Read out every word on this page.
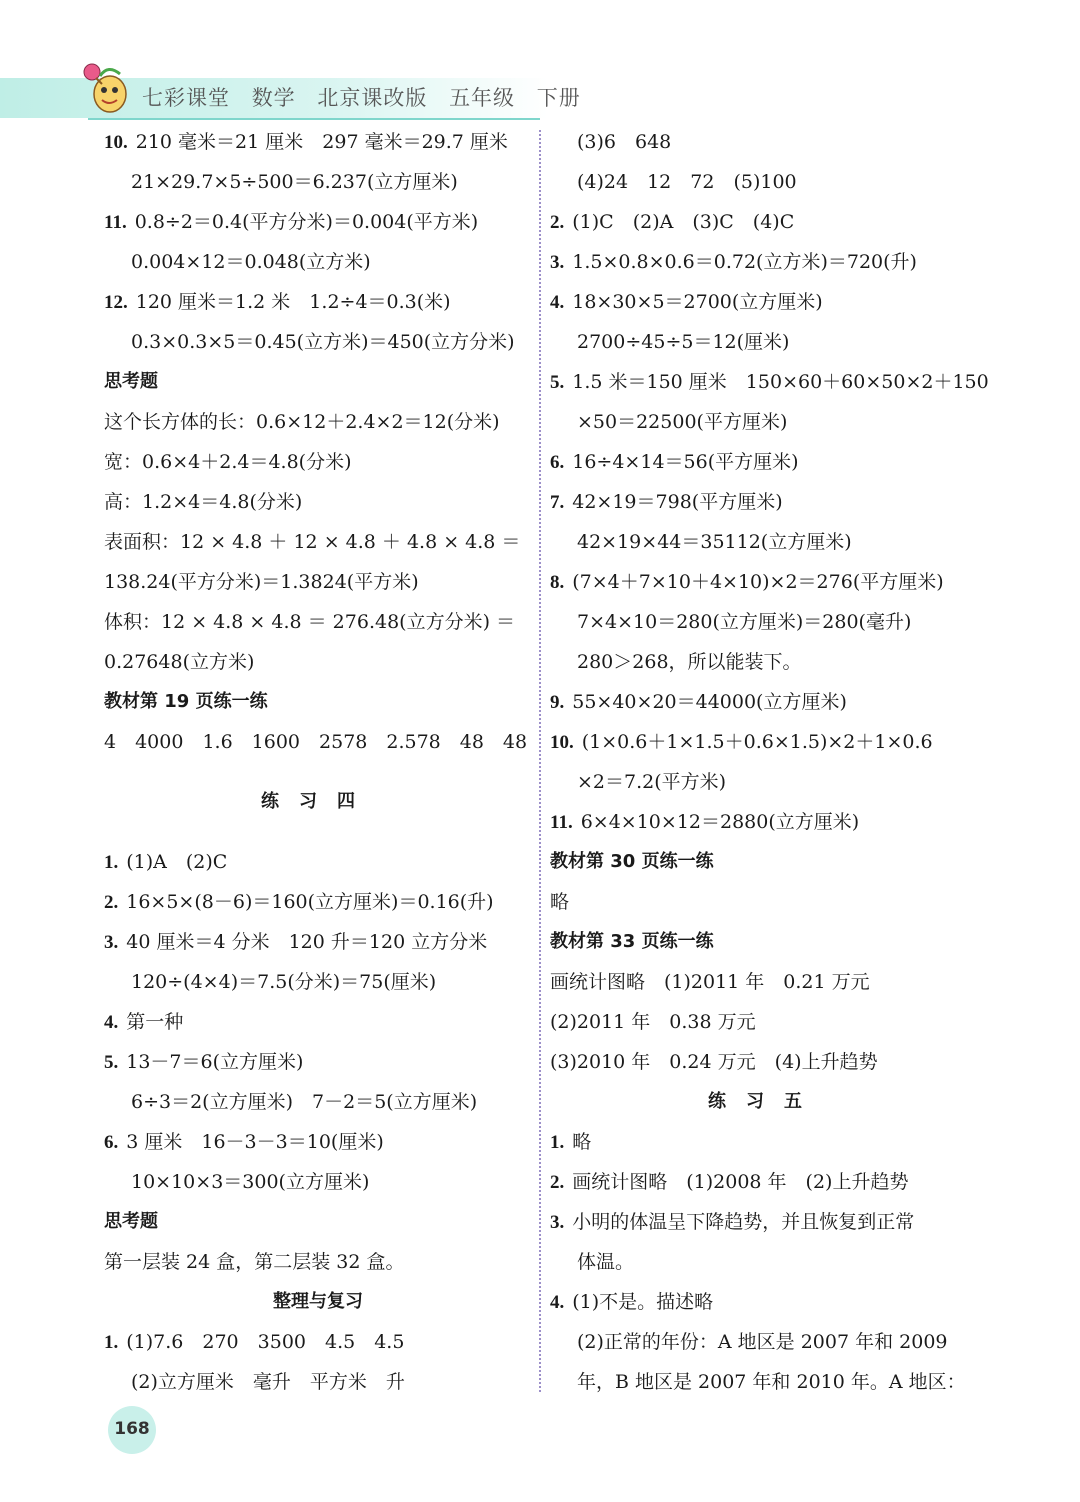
七彩课堂 数学 北京课改版 五年级 下册
10. 210 毫米＝21 厘米　297 毫米＝29.7 厘米
21×29.7×5÷500＝6.237(立方厘米)
11. 0.8÷2＝0.4(平方分米)＝0.004(平方米)
0.004×12＝0.048(立方米)
12. 120 厘米＝1.2 米　1.2÷4＝0.3(米)
0.3×0.3×5＝0.45(立方米)＝450(立方分米)
思考题
这个长方体的长：0.6×12＋2.4×2＝12(分米)
宽：0.6×4＋2.4＝4.8(分米)
高：1.2×4＝4.8(分米)
表面积：12 × 4.8 ＋ 12 × 4.8 ＋ 4.8 × 4.8 ＝
138.24(平方分米)＝1.3824(平方米)
体积：12 × 4.8 × 4.8 ＝ 276.48(立方分米) ＝
0.27648(立方米)
教材第 19 页练一练
4　4000　1.6　1600　2578　2.578　48　48
练习四
1. (1)A　(2)C
2. 16×5×(8－6)＝160(立方厘米)＝0.16(升)
3. 40 厘米＝4 分米　120 升＝120 立方分米
120÷(4×4)＝7.5(分米)＝75(厘米)
4. 第一种
5. 13－7＝6(立方厘米)
6÷3＝2(立方厘米)　7－2＝5(立方厘米)
6. 3 厘米　16－3－3＝10(厘米)
10×10×3＝300(立方厘米)
思考题
第一层装 24 盒，第二层装 32 盒。
整理与复习
1. (1)7.6　270　3500　4.5　4.5
(2)立方厘米　毫升　平方米　升
(3)6　648
(4)24　12　72　(5)100
2. (1)C　(2)A　(3)C　(4)C
3. 1.5×0.8×0.6＝0.72(立方米)＝720(升)
4. 18×30×5＝2700(立方厘米)
2700÷45÷5＝12(厘米)
5. 1.5 米＝150 厘米　150×60＋60×50×2＋150
×50＝22500(平方厘米)
6. 16÷4×14＝56(平方厘米)
7. 42×19＝798(平方厘米)
42×19×44＝35112(立方厘米)
8. (7×4＋7×10＋4×10)×2＝276(平方厘米)
7×4×10＝280(立方厘米)＝280(毫升)
280＞268，所以能装下。
9. 55×40×20＝44000(立方厘米)
10. (1×0.6＋1×1.5＋0.6×1.5)×2＋1×0.6
×2＝7.2(平方米)
11. 6×4×10×12＝2880(立方厘米)
教材第 30 页练一练
略
教材第 33 页练一练
画统计图略　(1)2011 年　0.21 万元
(2)2011 年　0.38 万元
(3)2010 年　0.24 万元　(4)上升趋势
练习五
1. 略
2. 画统计图略　(1)2008 年　(2)上升趋势
3. 小明的体温呈下降趋势，并且恢复到正常
体温。
4. (1)不是。描述略
(2)正常的年份：A 地区是 2007 年和 2009
年，B 地区是 2007 年和 2010 年。A 地区：
168
